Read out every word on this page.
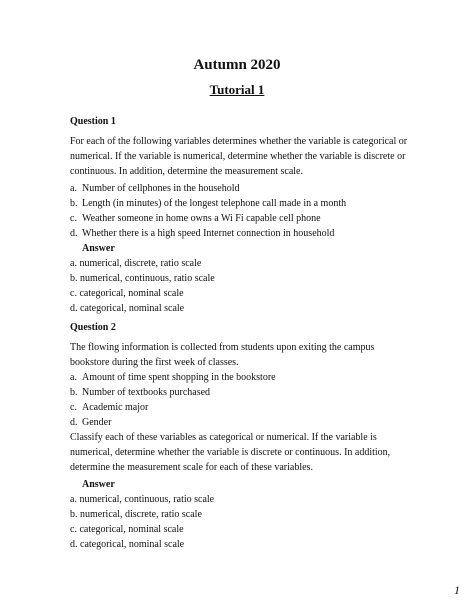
Autumn 2020
Tutorial 1

Question 1

For each of the following variables determines whether the variable is categorical or numerical. If the variable is numerical, determine whether the variable is discrete or continuous. In addition, determine the measurement scale.

a. Number of cellphones in the household
b. Length (in minutes) of the longest telephone call made in a month
c. Weather someone in home owns a Wi Fi capable cell phone
d. Whether there is a high speed Internet connection in household

Answer

a. numerical, discrete, ratio scale

b. numerical, continuous, ratio scale

c. categorical, nominal scale

d. categorical, nominal scale

Question 2

The flowing information is collected from students upon exiting the campus bookstore during the first week of classes.

a. Amount of time spent shopping in the bookstore
b. Number of textbooks purchased
c. Academic major
d. Gender

Classify each of these variables as categorical or numerical. If the variable is numerical, determine whether the variable is discrete or continuous. In addition, determine the measurement scale for each of these variables.

Answer

a. numerical, continuous, ratio scale

b. numerical, discrete, ratio scale

c. categorical, nominal scale

d. categorical, nominal scale

1
